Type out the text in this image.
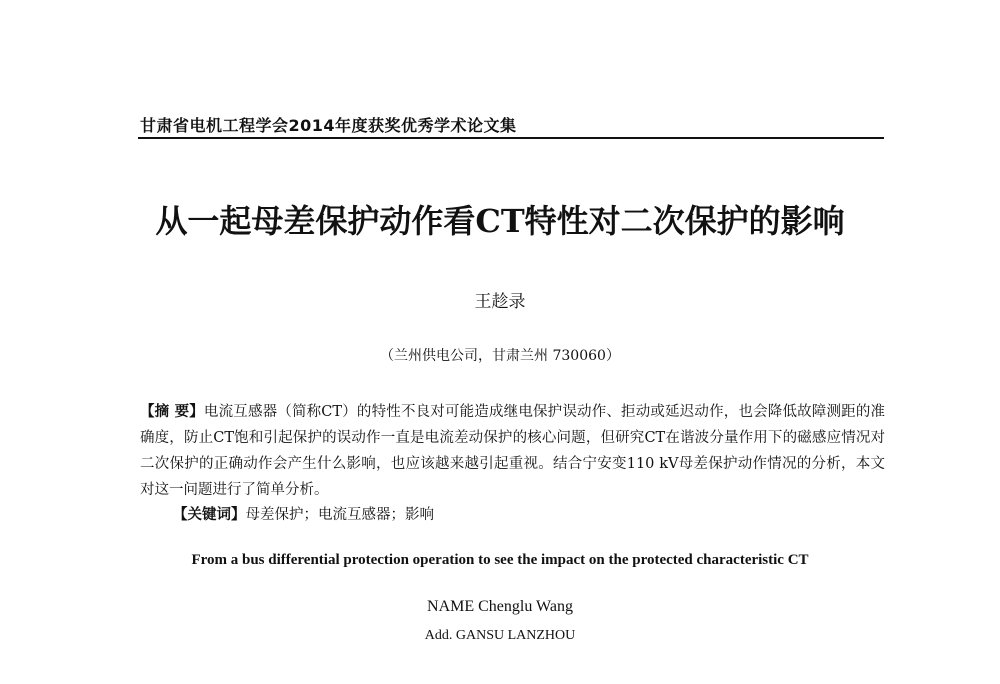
甘肃省电机工程学会2014年度获奖优秀学术论文集
从一起母差保护动作看CT特性对二次保护的影响
王趁录
（兰州供电公司，甘肃兰州 730060）
【摘 要】电流互感器（简称CT）的特性不良对可能造成继电保护误动作、拒动或延迟动作，也会降低故障测距的准确度，防止CT饱和引起保护的误动作一直是电流差动保护的核心问题，但研究CT在谐波分量作用下的磁感应情况对二次保护的正确动作会产生什么影响，也应该越来越引起重视。结合宁安变110 kV母差保护动作情况的分析，本文对这一问题进行了简单分析。
【关键词】母差保护；电流互感器；影响
From a bus differential protection operation to see the impact on the protected characteristic CT
NAME Chenglu Wang
Add. GANSU LANZHOU
